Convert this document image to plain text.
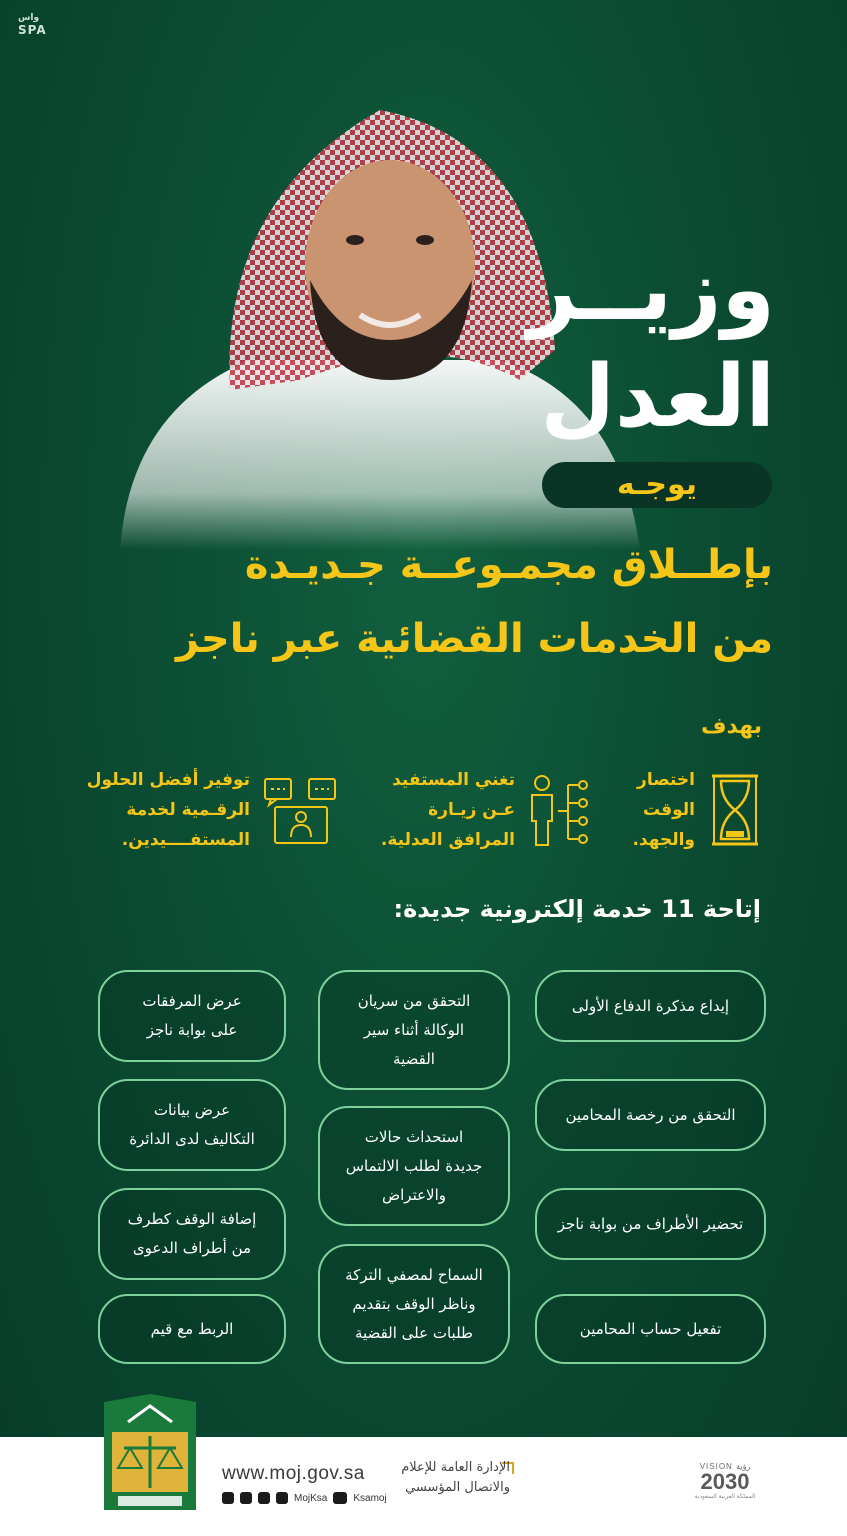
واس
SPA
وزيــر
العدل
يوجـه
بإطــلاق مجمـوعــة جـديـدة
من الخدمات القضائية عبر ناجز
بهدف
اختصار
الوقت
والجهد.
تغني المستفيد
عـن زيـارة
المرافق العدلية.
توفير أفضل الحلول
الرقـمية لخدمة
المستفــــيدين.
إتاحة 11 خدمة إلكترونية جديدة:
إيداع مذكرة الدفاع الأولى
التحقق من رخصة المحامين
تحضير الأطراف من بوابة ناجز
تفعيل حساب المحامين
التحقق من سريان
الوكالة أثناء سير
القضية
استحداث حالات
جديدة لطلب الالتماس
والاعتراض
السماح لمصفي التركة
وناظر الوقف بتقديم
طلبات على القضية
عرض المرفقات
على بوابة ناجز
عرض بيانات
التكاليف لدى الدائرة
إضافة الوقف كطرف
من أطراف الدعوى
الربط مع قيم
www.moj.gov.sa
MojKsa	Ksamoj
الإدارة العامة للإعلام
والاتصال المؤسسي
VISION رؤية
2030
المملكة العربية السعودية
